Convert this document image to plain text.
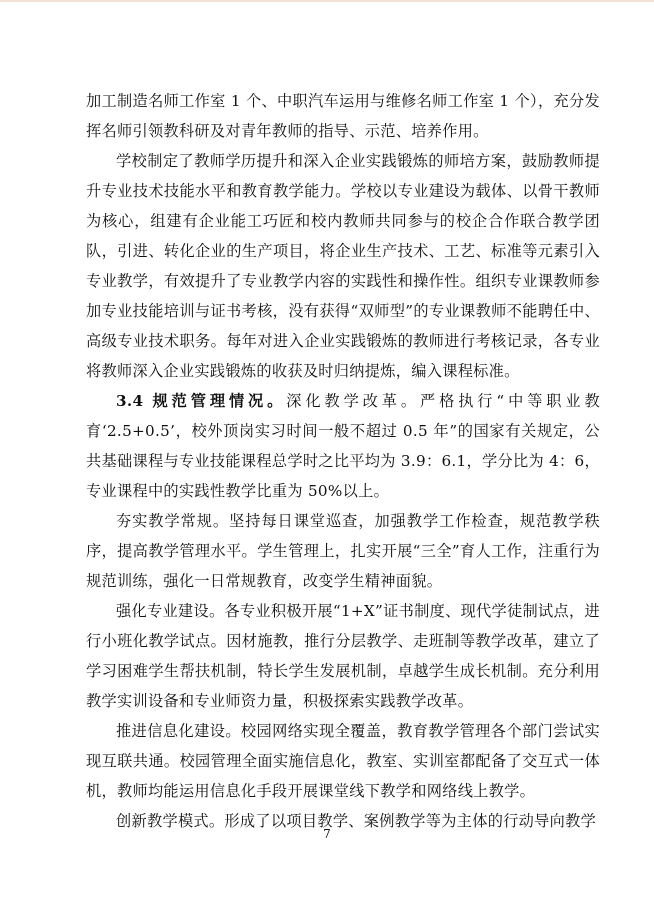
加工制造名师工作室 1 个、中职汽车运用与维修名师工作室 1 个），充分发挥名师引领教科研及对青年教师的指导、示范、培养作用。

学校制定了教师学历提升和深入企业实践锻炼的师培方案，鼓励教师提升专业技术技能水平和教育教学能力。学校以专业建设为载体、以骨干教师为核心，组建有企业能工巧匠和校内教师共同参与的校企合作联合教学团队，引进、转化企业的生产项目，将企业生产技术、工艺、标准等元素引入专业教学，有效提升了专业教学内容的实践性和操作性。组织专业课教师参加专业技能培训与证书考核，没有获得“双师型”的专业课教师不能聘任中、高级专业技术职务。每年对进入企业实践锻炼的教师进行考核记录，各专业将教师深入企业实践锻炼的收获及时归纳提炼，编入课程标准。

3.4 规范管理情况。深化教学改革。严格执行“中等职业教育‘2.5+0.5’，校外顶岗实习时间一般不超过 0.5 年”的国家有关规定，公共基础课程与专业技能课程总学时之比平均为 3.9：6.1，学分比为 4：6，专业课程中的实践性教学比重为 50%以上。

夯实教学常规。坚持每日课堂巡查，加强教学工作检查，规范教学秩序，提高教学管理水平。学生管理上，扎实开展“三全”育人工作，注重行为规范训练，强化一日常规教育，改变学生精神面貌。

强化专业建设。各专业积极开展“1+X”证书制度、现代学徒制试点，进行小班化教学试点。因材施教，推行分层教学、走班制等教学改革，建立了学习困难学生帮扶机制，特长学生发展机制，卓越学生成长机制。充分利用教学实训设备和专业师资力量，积极探索实践教学改革。

推进信息化建设。校园网络实现全覆盖，教育教学管理各个部门尝试实现互联共通。校园管理全面实施信息化，教室、实训室都配备了交互式一体机，教师均能运用信息化手段开展课堂线下教学和网络线上教学。

创新教学模式。形成了以项目教学、案例教学等为主体的行动导向教学

7
